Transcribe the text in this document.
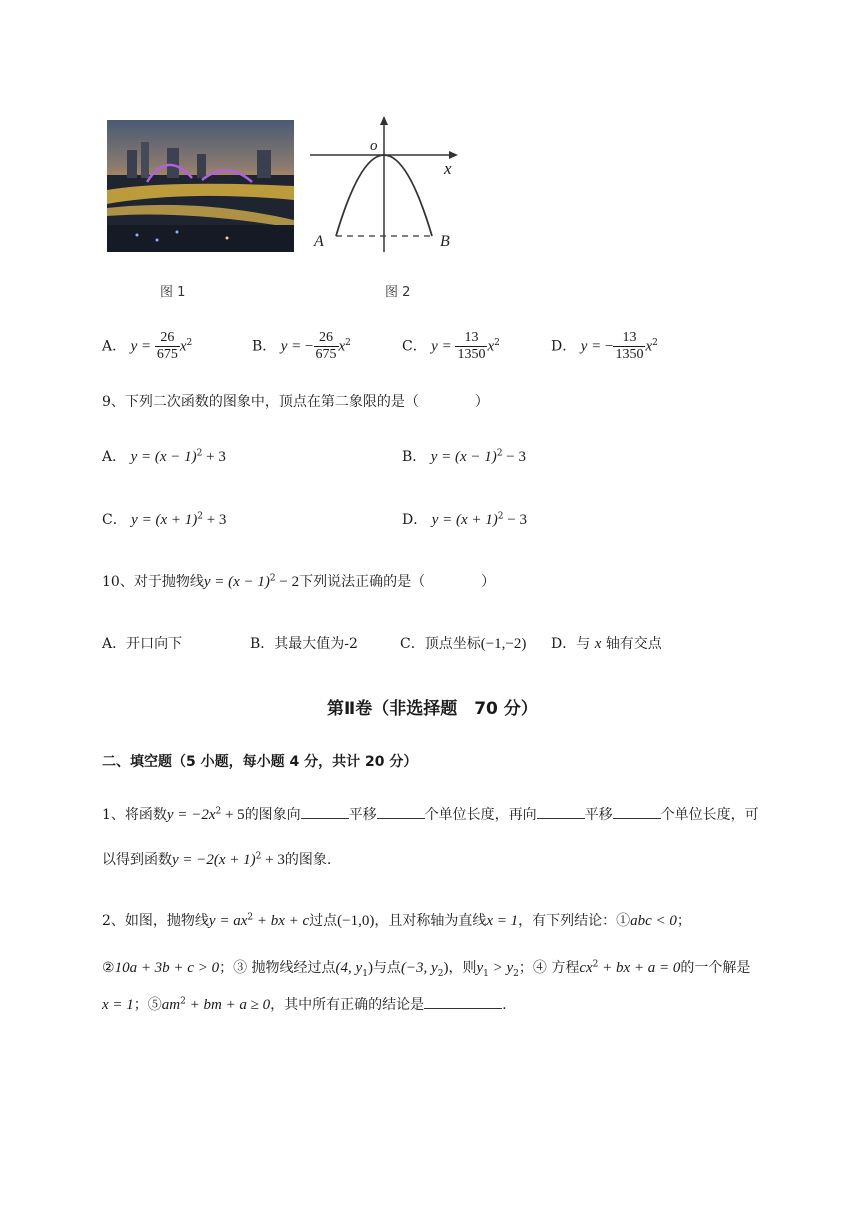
o
x
A	B
图 1	图 2
A． $y = \frac{26}{675} x^2$	B． y = − $\frac{26}{675} x^2$	C． $y = \frac{13}{1350} x^2$	D． y = − $\frac{13}{1350} x^2$
9、下列二次函数的图象中，顶点在第二象限的是（　　　　）
A． $y = (x - 1)^2 + 3$	B． $y = (x - 1)^2 - 3$
C． $y = (x + 1)^2 + 3$	D． $y = (x + 1)^2 - 3$
10、对于抛物线$y = (x - 1)^2 - 2$下列说法正确的是（　　　　）
A．开口向下	B．其最大值为-2	C．顶点坐标(−1,−2) D．与 x 轴有交点
第Ⅱ卷（非选择题　70 分）
二、填空题（5 小题，每小题 4 分，共计 20 分）
1、将函数$y = -2x^2 + 5$的图象向	平移	个单位长度，再向	平移	个单位长度，可
以得到函数$y = -2(x + 1)^2 + 3$的图象.
2、如图，抛物线$y = ax^2$ + bx + c过点(−1,0)，且对称轴为直线x = 1，有下列结论：①abc < 0；
②10a + 3b + c > 0；③ 抛物线经过点(4, $y_1$)与点(−3, $y_2$)，则$y_1 > y_2$；④ 方程$cx^2$ + bx + a = 0的一个解是
x = 1；$⑤am^2$ + bm + a ≥ 0，其中所有正确的结论是	.
